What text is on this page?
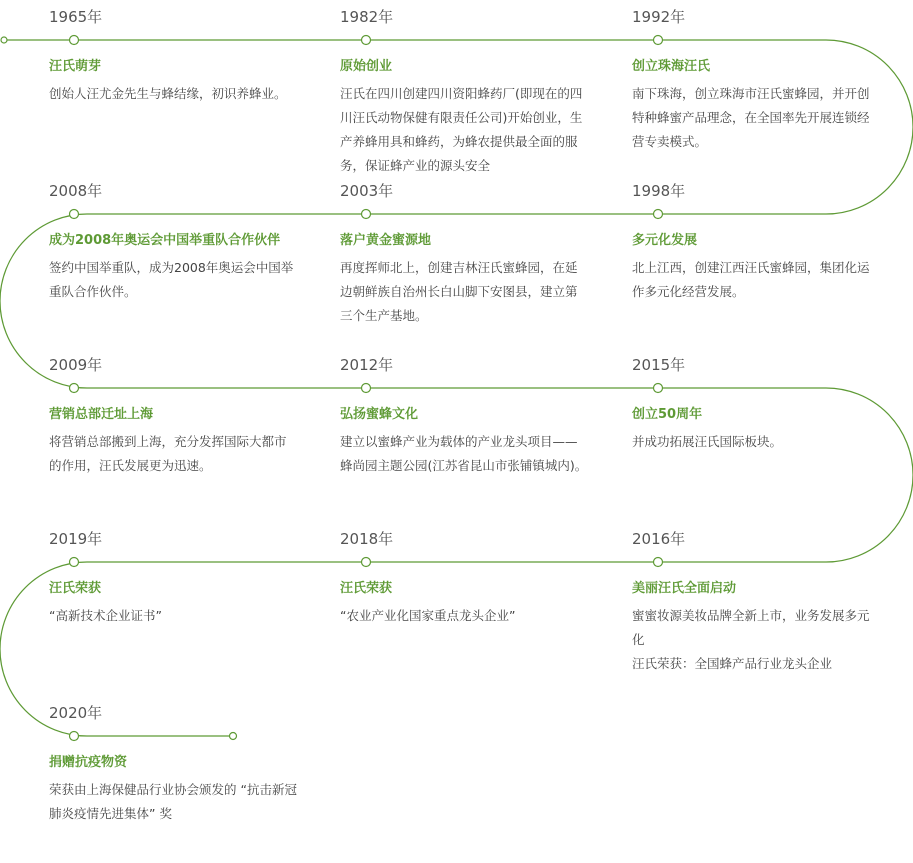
1965年
汪氏萌芽

创始人汪尤金先生与蜂结缘，初识养蜂业。

1982年
原始创业

汪氏在四川创建四川资阳蜂药厂(即现在的四川汪氏动物保健有限责任公司)开始创业，生产养蜂用具和蜂药，为蜂农提供最全面的服务，保证蜂产业的源头安全

1992年
创立珠海汪氏

南下珠海，创立珠海市汪氏蜜蜂园，并开创特种蜂蜜产品理念，在全国率先开展连锁经营专卖模式。

2008年
成为2008年奥运会中国举重队合作伙伴

签约中国举重队，成为2008年奥运会中国举重队合作伙伴。

2003年
落户黄金蜜源地

再度挥师北上，创建吉林汪氏蜜蜂园，在延边朝鲜族自治州长白山脚下安图县，建立第三个生产基地。

1998年
多元化发展

北上江西，创建江西汪氏蜜蜂园，集团化运作多元化经营发展。

2009年
营销总部迁址上海

将营销总部搬到上海，充分发挥国际大都市的作用，汪氏发展更为迅速。

2012年
弘扬蜜蜂文化

建立以蜜蜂产业为载体的产业龙头项目——蜂尚园主题公园(江苏省昆山市张铺镇城内)。

2015年
创立50周年

并成功拓展汪氏国际板块。

2019年
汪氏荣获

“高新技术企业证书”

2018年
汪氏荣获

“农业产业化国家重点龙头企业”

2016年
美丽汪氏全面启动

蜜蜜妆源美妆品牌全新上市，业务发展多元化

汪氏荣获：全国蜂产品行业龙头企业

2020年
捐赠抗疫物资

荣获由上海保健品行业协会颁发的 “抗击新冠肺炎疫情先进集体” 奖
